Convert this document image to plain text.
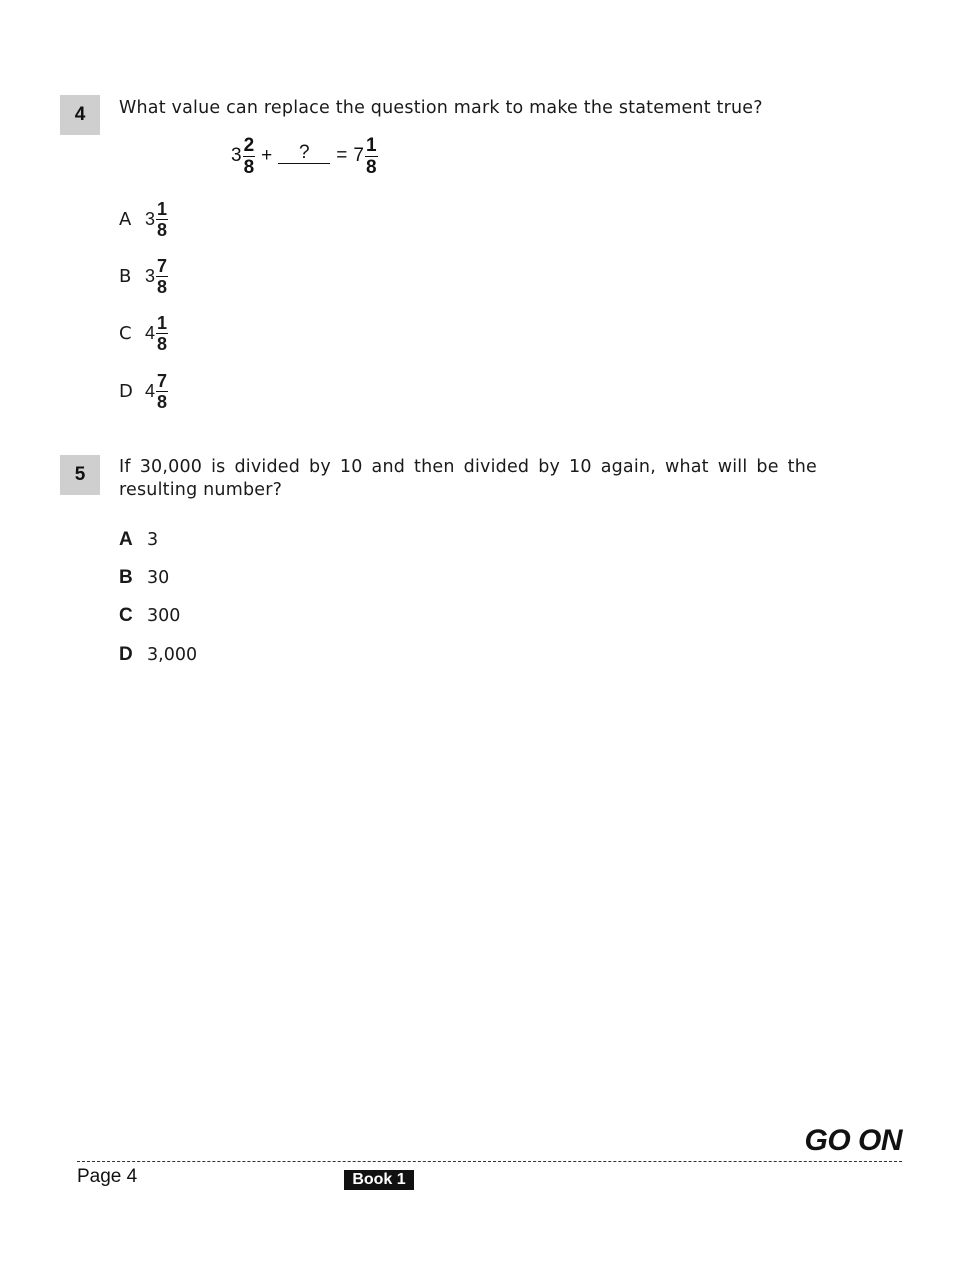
4	What value can replace the question mark to make the statement true?
$3 \frac{2}{8}$ +	?	= $7 \frac{1}{8}$
A $3 \frac{1}{8}$
B $3 \frac{7}{8}$
C $4 \frac{1}{8}$
D $4 \frac{7}{8}$
5	If 30,000 is divided by 10 and then divided by 10 again, what will be the
resulting number?
A 3
B 30
C 300
D 3,000
GO ON
Page 4	Book 1
